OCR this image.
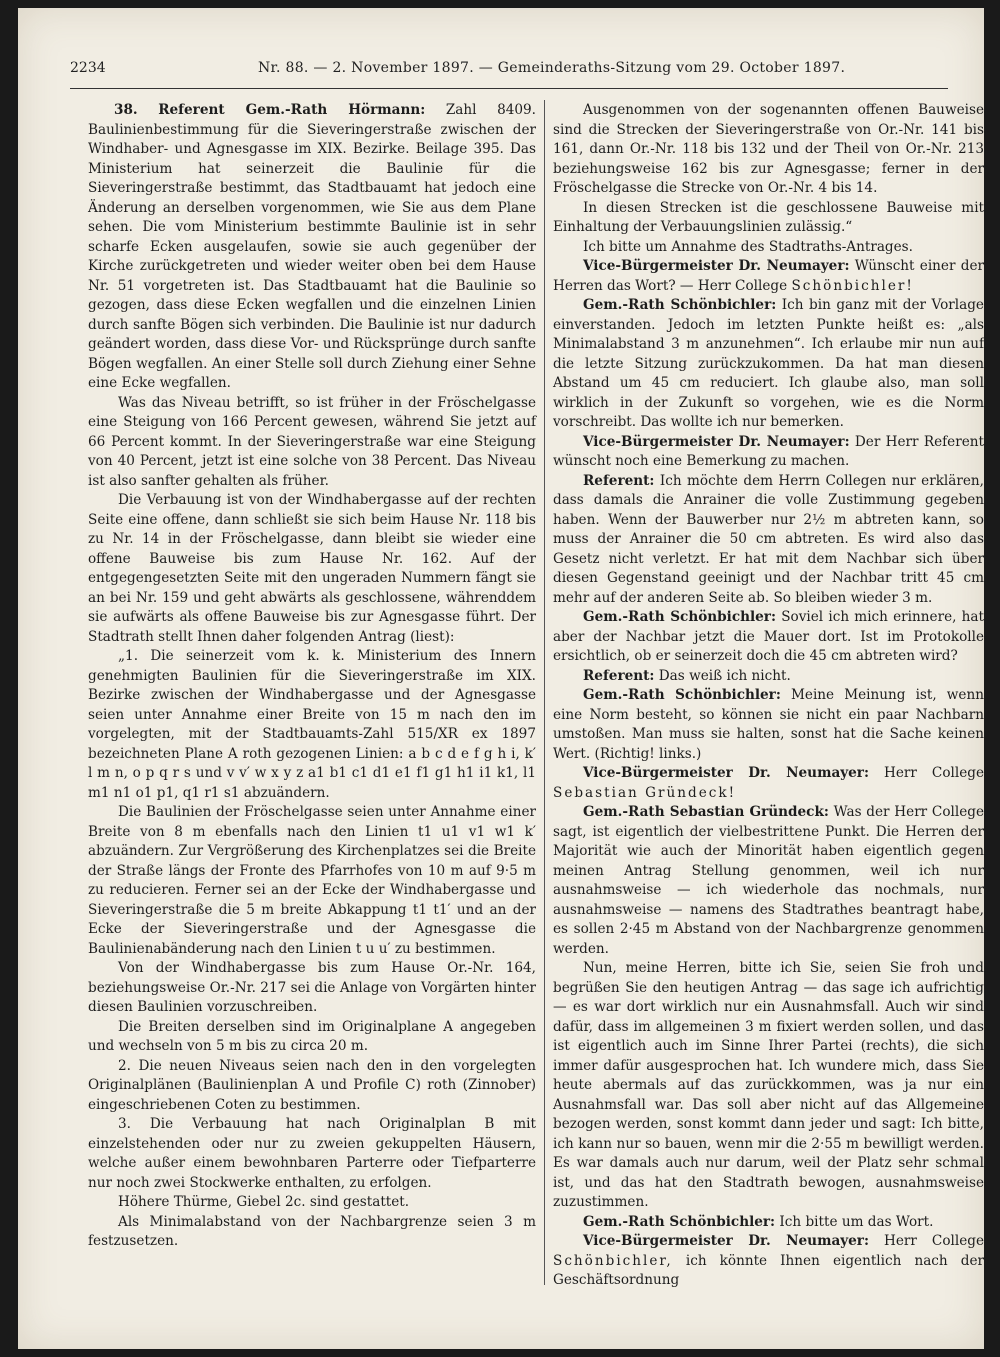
2234	Nr. 88. — 2. November 1897. — Gemeinderaths-Sitzung vom 29. October 1897.

38. Referent Gem.-Rath Hörmann: Zahl 8409. Baulinienbestimmung für die Sieveringerstraße zwischen der Windhaber- und Agnesgasse im XIX. Bezirke. Beilage 395. Das Ministerium hat seinerzeit die Baulinie für die Sieveringerstraße bestimmt, das Stadtbauamt hat jedoch eine Änderung an derselben vorgenommen, wie Sie aus dem Plane sehen. Die vom Ministerium bestimmte Baulinie ist in sehr scharfe Ecken ausgelaufen, sowie sie auch gegenüber der Kirche zurückgetreten und wieder weiter oben bei dem Hause Nr. 51 vorgetreten ist. Das Stadtbauamt hat die Baulinie so gezogen, dass diese Ecken wegfallen und die einzelnen Linien durch sanfte Bögen sich verbinden. Die Baulinie ist nur dadurch geändert worden, dass diese Vor- und Rücksprünge durch sanfte Bögen wegfallen. An einer Stelle soll durch Ziehung einer Sehne eine Ecke wegfallen.

Was das Niveau betrifft, so ist früher in der Fröschelgasse eine Steigung von 166 Percent gewesen, während Sie jetzt auf 66 Percent kommt. In der Sieveringerstraße war eine Steigung von 40 Percent, jetzt ist eine solche von 38 Percent. Das Niveau ist also sanfter gehalten als früher.

Die Verbauung ist von der Windhabergasse auf der rechten Seite eine offene, dann schließt sie sich beim Hause Nr. 118 bis zu Nr. 14 in der Fröschelgasse, dann bleibt sie wieder eine offene Bauweise bis zum Hause Nr. 162. Auf der entgegengesetzten Seite mit den ungeraden Nummern fängt sie an bei Nr. 159 und geht abwärts als geschlossene, währenddem sie aufwärts als offene Bauweise bis zur Agnesgasse führt. Der Stadtrath stellt Ihnen daher folgenden Antrag (liest):

„1. Die seinerzeit vom k. k. Ministerium des Innern genehmigten Baulinien für die Sieveringerstraße im XIX. Bezirke zwischen der Windhabergasse und der Agnesgasse seien unter Annahme einer Breite von 15 m nach den im vorgelegten, mit der Stadtbauamts-Zahl 515/XR ex 1897 bezeichneten Plane A roth gezogenen Linien: a b c d e f g h i, k′ l m n, o p q r s und v v′ w x y z a1 b1 c1 d1 e1 f1 g1 h1 i1 k1, l1 m1 n1 o1 p1, q1 r1 s1 abzuändern.

Die Baulinien der Fröschelgasse seien unter Annahme einer Breite von 8 m ebenfalls nach den Linien t1 u1 v1 w1 k′ abzuändern. Zur Vergrößerung des Kirchenplatzes sei die Breite der Straße längs der Fronte des Pfarrhofes von 10 m auf 9·5 m zu reducieren. Ferner sei an der Ecke der Windhabergasse und Sieveringerstraße die 5 m breite Abkappung t1 t1′ und an der Ecke der Sieveringerstraße und der Agnesgasse die Baulinienabänderung nach den Linien t u u′ zu bestimmen.

Von der Windhabergasse bis zum Hause Or.-Nr. 164, beziehungsweise Or.-Nr. 217 sei die Anlage von Vorgärten hinter diesen Baulinien vorzuschreiben.

Die Breiten derselben sind im Originalplane A angegeben und wechseln von 5 m bis zu circa 20 m.

2. Die neuen Niveaus seien nach den in den vorgelegten Originalplänen (Baulinienplan A und Profile C) roth (Zinnober) eingeschriebenen Coten zu bestimmen.

3. Die Verbauung hat nach Originalplan B mit einzelstehenden oder nur zu zweien gekuppelten Häusern, welche außer einem bewohnbaren Parterre oder Tiefparterre nur noch zwei Stockwerke enthalten, zu erfolgen.

Höhere Thürme, Giebel 2c. sind gestattet.

Als Minimalabstand von der Nachbargrenze seien 3 m festzusetzen.

Ausgenommen von der sogenannten offenen Bauweise sind die Strecken der Sieveringerstraße von Or.-Nr. 141 bis 161, dann Or.-Nr. 118 bis 132 und der Theil von Or.-Nr. 213 beziehungsweise 162 bis zur Agnesgasse; ferner in der Fröschelgasse die Strecke von Or.-Nr. 4 bis 14.

In diesen Strecken ist die geschlossene Bauweise mit Einhaltung der Verbauungslinien zulässig.“

Ich bitte um Annahme des Stadtraths-Antrages.

Vice-Bürgermeister Dr. Neumayer: Wünscht einer der Herren das Wort? — Herr College Schönbichler!

Gem.-Rath Schönbichler: Ich bin ganz mit der Vorlage einverstanden. Jedoch im letzten Punkte heißt es: „als Minimalabstand 3 m anzunehmen“. Ich erlaube mir nun auf die letzte Sitzung zurückzukommen. Da hat man diesen Abstand um 45 cm reduciert. Ich glaube also, man soll wirklich in der Zukunft so vorgehen, wie es die Norm vorschreibt. Das wollte ich nur bemerken.

Vice-Bürgermeister Dr. Neumayer: Der Herr Referent wünscht noch eine Bemerkung zu machen.

Referent: Ich möchte dem Herrn Collegen nur erklären, dass damals die Anrainer die volle Zustimmung gegeben haben. Wenn der Bauwerber nur 2½ m abtreten kann, so muss der Anrainer die 50 cm abtreten. Es wird also das Gesetz nicht verletzt. Er hat mit dem Nachbar sich über diesen Gegenstand geeinigt und der Nachbar tritt 45 cm mehr auf der anderen Seite ab. So bleiben wieder 3 m.

Gem.-Rath Schönbichler: Soviel ich mich erinnere, hat aber der Nachbar jetzt die Mauer dort. Ist im Protokolle ersichtlich, ob er seinerzeit doch die 45 cm abtreten wird?

Referent: Das weiß ich nicht.

Gem.-Rath Schönbichler: Meine Meinung ist, wenn eine Norm besteht, so können sie nicht ein paar Nachbarn umstoßen. Man muss sie halten, sonst hat die Sache keinen Wert. (Richtig! links.)

Vice-Bürgermeister Dr. Neumayer: Herr College Sebastian Gründeck!

Gem.-Rath Sebastian Gründeck: Was der Herr College sagt, ist eigentlich der vielbestrittene Punkt. Die Herren der Majorität wie auch der Minorität haben eigentlich gegen meinen Antrag Stellung genommen, weil ich nur ausnahmsweise — ich wiederhole das nochmals, nur ausnahmsweise — namens des Stadtrathes beantragt habe, es sollen 2·45 m Abstand von der Nachbargrenze genommen werden.

Nun, meine Herren, bitte ich Sie, seien Sie froh und begrüßen Sie den heutigen Antrag — das sage ich aufrichtig — es war dort wirklich nur ein Ausnahmsfall. Auch wir sind dafür, dass im allgemeinen 3 m fixiert werden sollen, und das ist eigentlich auch im Sinne Ihrer Partei (rechts), die sich immer dafür ausgesprochen hat. Ich wundere mich, dass Sie heute abermals auf das zurückkommen, was ja nur ein Ausnahmsfall war. Das soll aber nicht auf das Allgemeine bezogen werden, sonst kommt dann jeder und sagt: Ich bitte, ich kann nur so bauen, wenn mir die 2·55 m bewilligt werden. Es war damals auch nur darum, weil der Platz sehr schmal ist, und das hat den Stadtrath bewogen, ausnahmsweise zuzustimmen.

Gem.-Rath Schönbichler: Ich bitte um das Wort.

Vice-Bürgermeister Dr. Neumayer: Herr College Schönbichler, ich könnte Ihnen eigentlich nach der Geschäftsordnung
